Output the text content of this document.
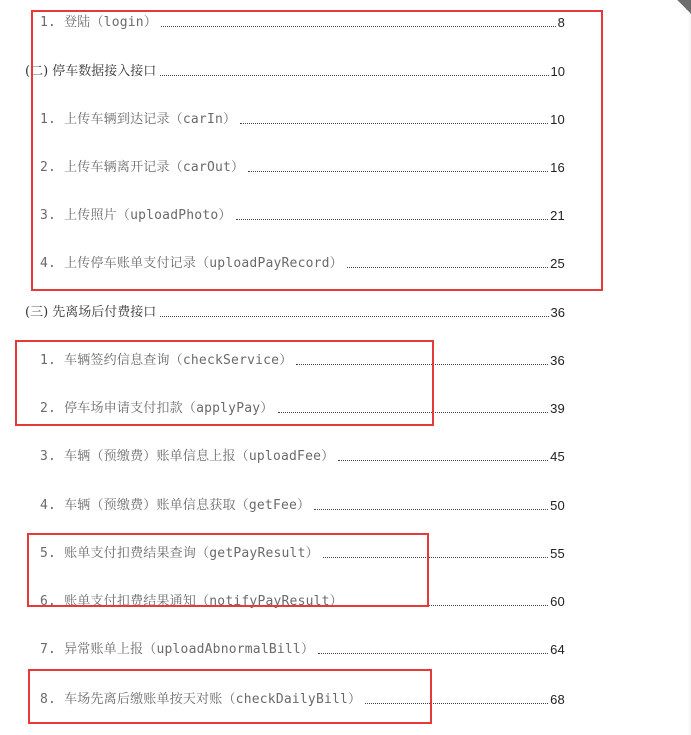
1. 登陆（login）	8
(二) 停车数据接入接口	10
1. 上传车辆到达记录（carIn）	10
2. 上传车辆离开记录（carOut）	16
3. 上传照片（uploadPhoto）	21
4. 上传停车账单支付记录（uploadPayRecord）	25
(三) 先离场后付费接口	36
1. 车辆签约信息查询（checkService）	36
2. 停车场申请支付扣款（applyPay）	39
3. 车辆（预缴费）账单信息上报（uploadFee）	45
4. 车辆（预缴费）账单信息获取（getFee）	50
5. 账单支付扣费结果查询（getPayResult）	55
6. 账单支付扣费结果通知（notifyPayResult）	60
7. 异常账单上报（uploadAbnormalBill）	64
8. 车场先离后缴账单按天对账（checkDailyBill）	68
